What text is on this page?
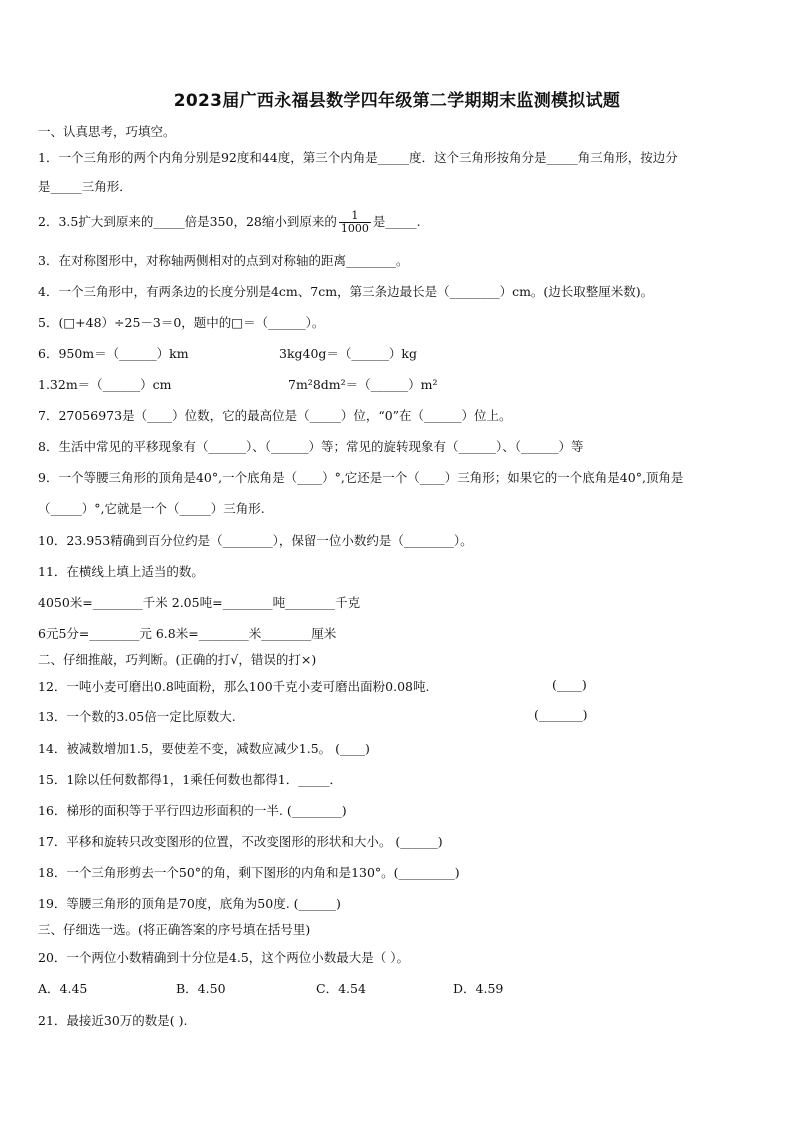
2023届广西永福县数学四年级第二学期期末监测模拟试题
一、认真思考，巧填空。
1．一个三角形的两个内角分别是92度和44度，第三个内角是_____度．这个三角形按角分是_____角三角形，按边分
是_____三角形．
3．在对称图形中，对称轴两侧相对的点到对称轴的距离________。
4．一个三角形中，有两条边的长度分别是4cm、7cm，第三条边最长是（________）cm。(边长取整厘米数)。
5．(□+48）÷25－3＝0，题中的□＝（______）。
6．950m＝（______）km	3kg40g＝（______）kg
1.32m＝（______）cm	7m²8dm²＝（______）m²
7．27056973是（____）位数，它的最高位是（_____）位，“0”在（______）位上。
8．生活中常见的平移现象有（______）、（______）等；常见的旋转现象有（______）、（______）等
9．一个等腰三角形的顶角是40°,一个底角是（____）°,它还是一个（____）三角形；如果它的一个底角是40°,顶角是
（_____）°,它就是一个（_____）三角形.
10．23.953精确到百分位约是（________），保留一位小数约是（________）。
11．在横线上填上适当的数。
4050米=________千米 2.05吨=________吨________千克
6元5分=________元 6.8米=________米________厘米
二、仔细推敲，巧判断。(正确的打√，错误的打×)
12．一吨小麦可磨出0.8吨面粉，那么100千克小麦可磨出面粉0.08吨.	(____)
13．一个数的3.05倍一定比原数大.	(_______)
14．被减数增加1.5，要使差不变，减数应减少1.5。 (____)
15．1除以任何数都得1，1乘任何数也都得1．_____．
16．梯形的面积等于平行四边形面积的一半. (________)
17．平移和旋转只改变图形的位置，不改变图形的形状和大小。 (______)
18．一个三角形剪去一个50°的角，剩下图形的内角和是130°。(_________)
19．等腰三角形的顶角是70度，底角为50度. (______)
三、仔细选一选。(将正确答案的序号填在括号里)
20．一个两位小数精确到十分位是4.5，这个两位小数最大是（ ）。
A．4.45	B．4.50	C．4.54	D．4.59
21．最接近30万的数是( ).
2．3.5扩大到原来的_____倍是350，28缩小到原来的 $\frac{1}{1000}$ 是_____.
